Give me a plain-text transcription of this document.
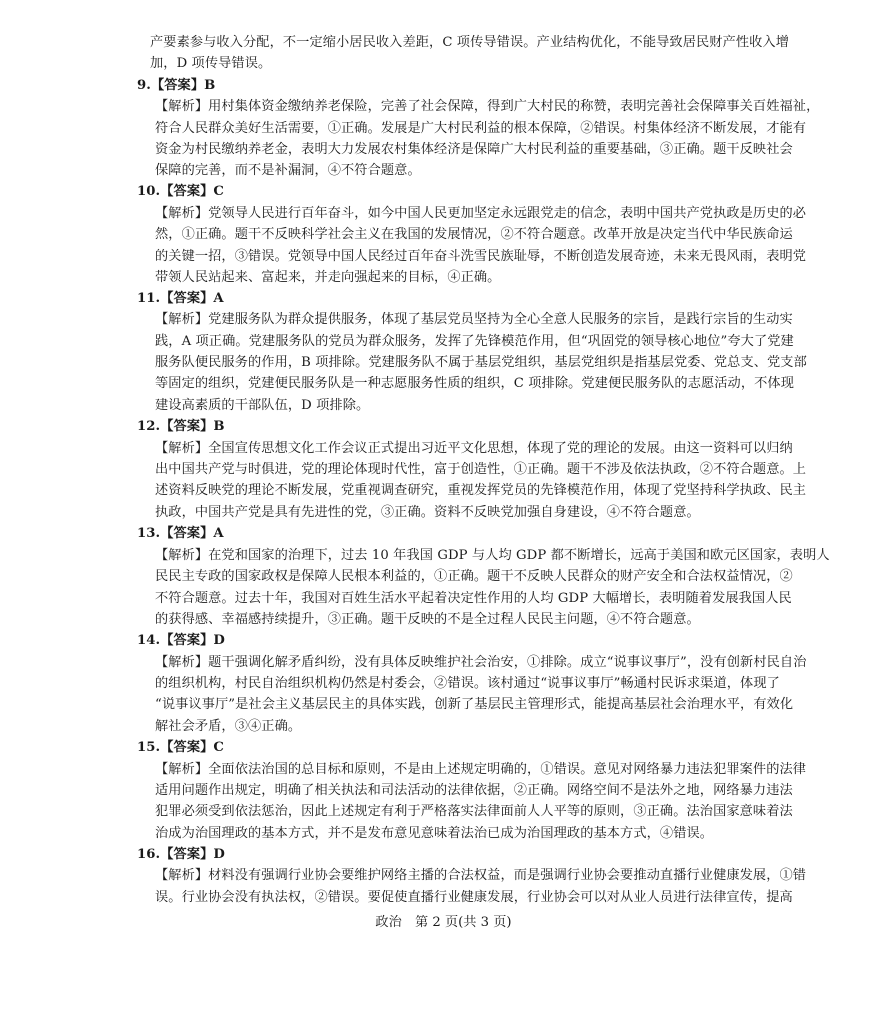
产要素参与收入分配，不一定缩小居民收入差距，C 项传导错误。产业结构优化，不能导致居民财产性收入增
加，D 项传导错误。
9.【答案】B
【解析】用村集体资金缴纳养老保险，完善了社会保障，得到广大村民的称赞，表明完善社会保障事关百姓福祉，
符合人民群众美好生活需要，①正确。发展是广大村民利益的根本保障，②错误。村集体经济不断发展，才能有
资金为村民缴纳养老金，表明大力发展农村集体经济是保障广大村民利益的重要基础，③正确。题干反映社会
保障的完善，而不是补漏洞，④不符合题意。
10.【答案】C
【解析】党领导人民进行百年奋斗，如今中国人民更加坚定永远跟党走的信念，表明中国共产党执政是历史的必
然，①正确。题干不反映科学社会主义在我国的发展情况，②不符合题意。改革开放是决定当代中华民族命运
的关键一招，③错误。党领导中国人民经过百年奋斗洗雪民族耻辱，不断创造发展奇迹，未来无畏风雨，表明党
带领人民站起来、富起来，并走向强起来的目标，④正确。
11.【答案】A
【解析】党建服务队为群众提供服务，体现了基层党员坚持为全心全意人民服务的宗旨，是践行宗旨的生动实
践，A 项正确。党建服务队的党员为群众服务，发挥了先锋模范作用，但“巩固党的领导核心地位”夸大了党建
服务队便民服务的作用，B 项排除。党建服务队不属于基层党组织，基层党组织是指基层党委、党总支、党支部
等固定的组织，党建便民服务队是一种志愿服务性质的组织，C 项排除。党建便民服务队的志愿活动，不体现
建设高素质的干部队伍，D 项排除。
12.【答案】B
【解析】全国宣传思想文化工作会议正式提出习近平文化思想，体现了党的理论的发展。由这一资料可以归纳
出中国共产党与时俱进，党的理论体现时代性，富于创造性，①正确。题干不涉及依法执政，②不符合题意。上
述资料反映党的理论不断发展，党重视调查研究，重视发挥党员的先锋模范作用，体现了党坚持科学执政、民主
执政，中国共产党是具有先进性的党，③正确。资料不反映党加强自身建设，④不符合题意。
13.【答案】A
【解析】在党和国家的治理下，过去 10 年我国 GDP 与人均 GDP 都不断增长，远高于美国和欧元区国家，表明人
民民主专政的国家政权是保障人民根本利益的，①正确。题干不反映人民群众的财产安全和合法权益情况，②
不符合题意。过去十年，我国对百姓生活水平起着决定性作用的人均 GDP 大幅增长，表明随着发展我国人民
的获得感、幸福感持续提升，③正确。题干反映的不是全过程人民民主问题，④不符合题意。
14.【答案】D
【解析】题干强调化解矛盾纠纷，没有具体反映维护社会治安，①排除。成立“说事议事厅”，没有创新村民自治
的组织机构，村民自治组织机构仍然是村委会，②错误。该村通过“说事议事厅”畅通村民诉求渠道，体现了
“说事议事厅”是社会主义基层民主的具体实践，创新了基层民主管理形式，能提高基层社会治理水平，有效化
解社会矛盾，③④正确。
15.【答案】C
【解析】全面依法治国的总目标和原则，不是由上述规定明确的，①错误。意见对网络暴力违法犯罪案件的法律
适用问题作出规定，明确了相关执法和司法活动的法律依据，②正确。网络空间不是法外之地，网络暴力违法
犯罪必须受到依法惩治，因此上述规定有利于严格落实法律面前人人平等的原则，③正确。法治国家意味着法
治成为治国理政的基本方式，并不是发布意见意味着法治已成为治国理政的基本方式，④错误。
16.【答案】D
【解析】材料没有强调行业协会要维护网络主播的合法权益，而是强调行业协会要推动直播行业健康发展，①错
误。行业协会没有执法权，②错误。要促使直播行业健康发展，行业协会可以对从业人员进行法律宣传，提高
政治　第 2 页(共 3 页)
